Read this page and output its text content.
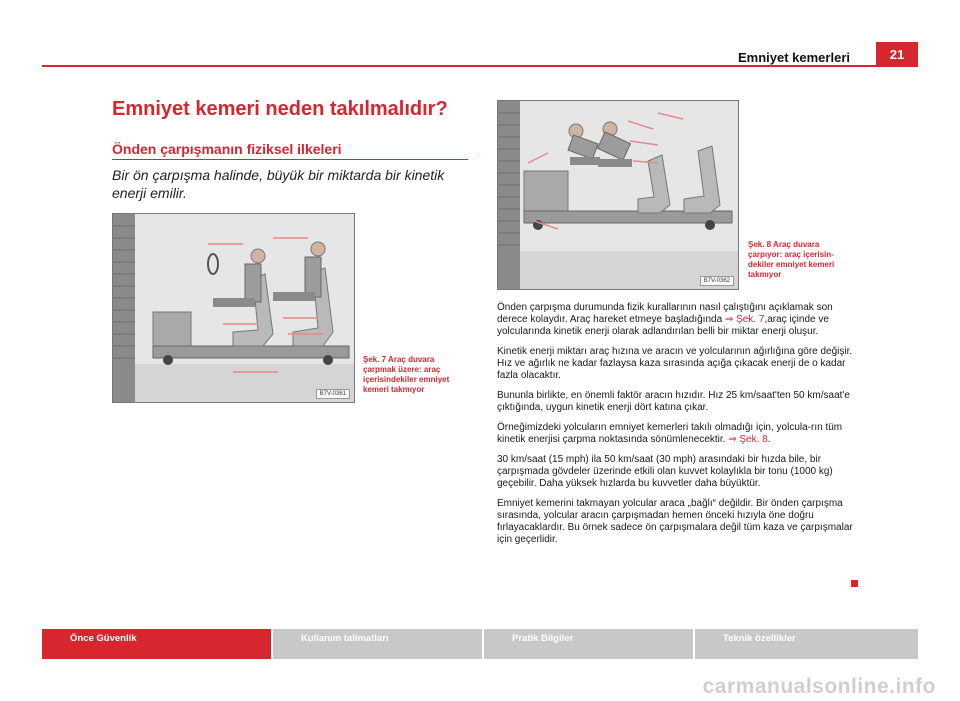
Emniyet kemerleri	21
Emniyet kemeri neden takılmalıdır?
Önden çarpışmanın fiziksel ilkeleri
Bir ön çarpışma halinde, büyük bir miktarda bir kinetik enerji emilir.
B7V-0361
Şek. 7 Araç duvara çarpmak üzere: araç içerisindekiler emniyet kemeri takmıyor
B7V-0362
Şek. 8 Araç duvara çarpıyor: araç içerisin-dekiler emniyet kemeri takmıyor

Önden çarpışma durumunda fizik kurallarının nasıl çalıştığını açıklamak son derece kolaydır. Araç hareket etmeye başladığında ⇒ Şek. 7,araç içinde ve yolcularında kinetik enerji olarak adlandırılan belli bir miktar enerji oluşur.

Kinetik enerji miktarı araç hızına ve aracın ve yolcularının ağırlığına göre değişir. Hız ve ağırlık ne kadar fazlaysa kaza sırasında açığa çıkacak enerji de o kadar fazla olacaktır.

Bununla birlikte, en önemli faktör aracın hızıdır. Hız 25 km/saat'ten 50 km/saat'e çıktığında, uygun kinetik enerji dört katına çıkar.

Örneğimizdeki yolcuların emniyet kemerleri takılı olmadığı için, yolcula-rın tüm kinetik enerjisi çarpma noktasında sönümlenecektir. ⇒ Şek. 8.

30 km/saat (15 mph) ila 50 km/saat (30 mph) arasındaki bir hızda bile, bir çarpışmada gövdeler üzerinde etkili olan kuvvet kolaylıkla bir tonu (1000 kg) geçebilir. Daha yüksek hızlarda bu kuvvetler daha büyüktür.

Emniyet kemerini takmayan yolcular araca „bağlı“ değildir. Bir önden çarpışma sırasında, yolcular aracın çarpışmadan hemen önceki hızıyla öne doğru fırlayacaklardır. Bu örnek sadece ön çarpışmalara değil tüm kaza ve çarpışmalar için geçerlidir.

Önce Güvenlik	Kullanım talimatları	Pratik Bilgiler	Teknik özellikler
carmanualsonline.info
